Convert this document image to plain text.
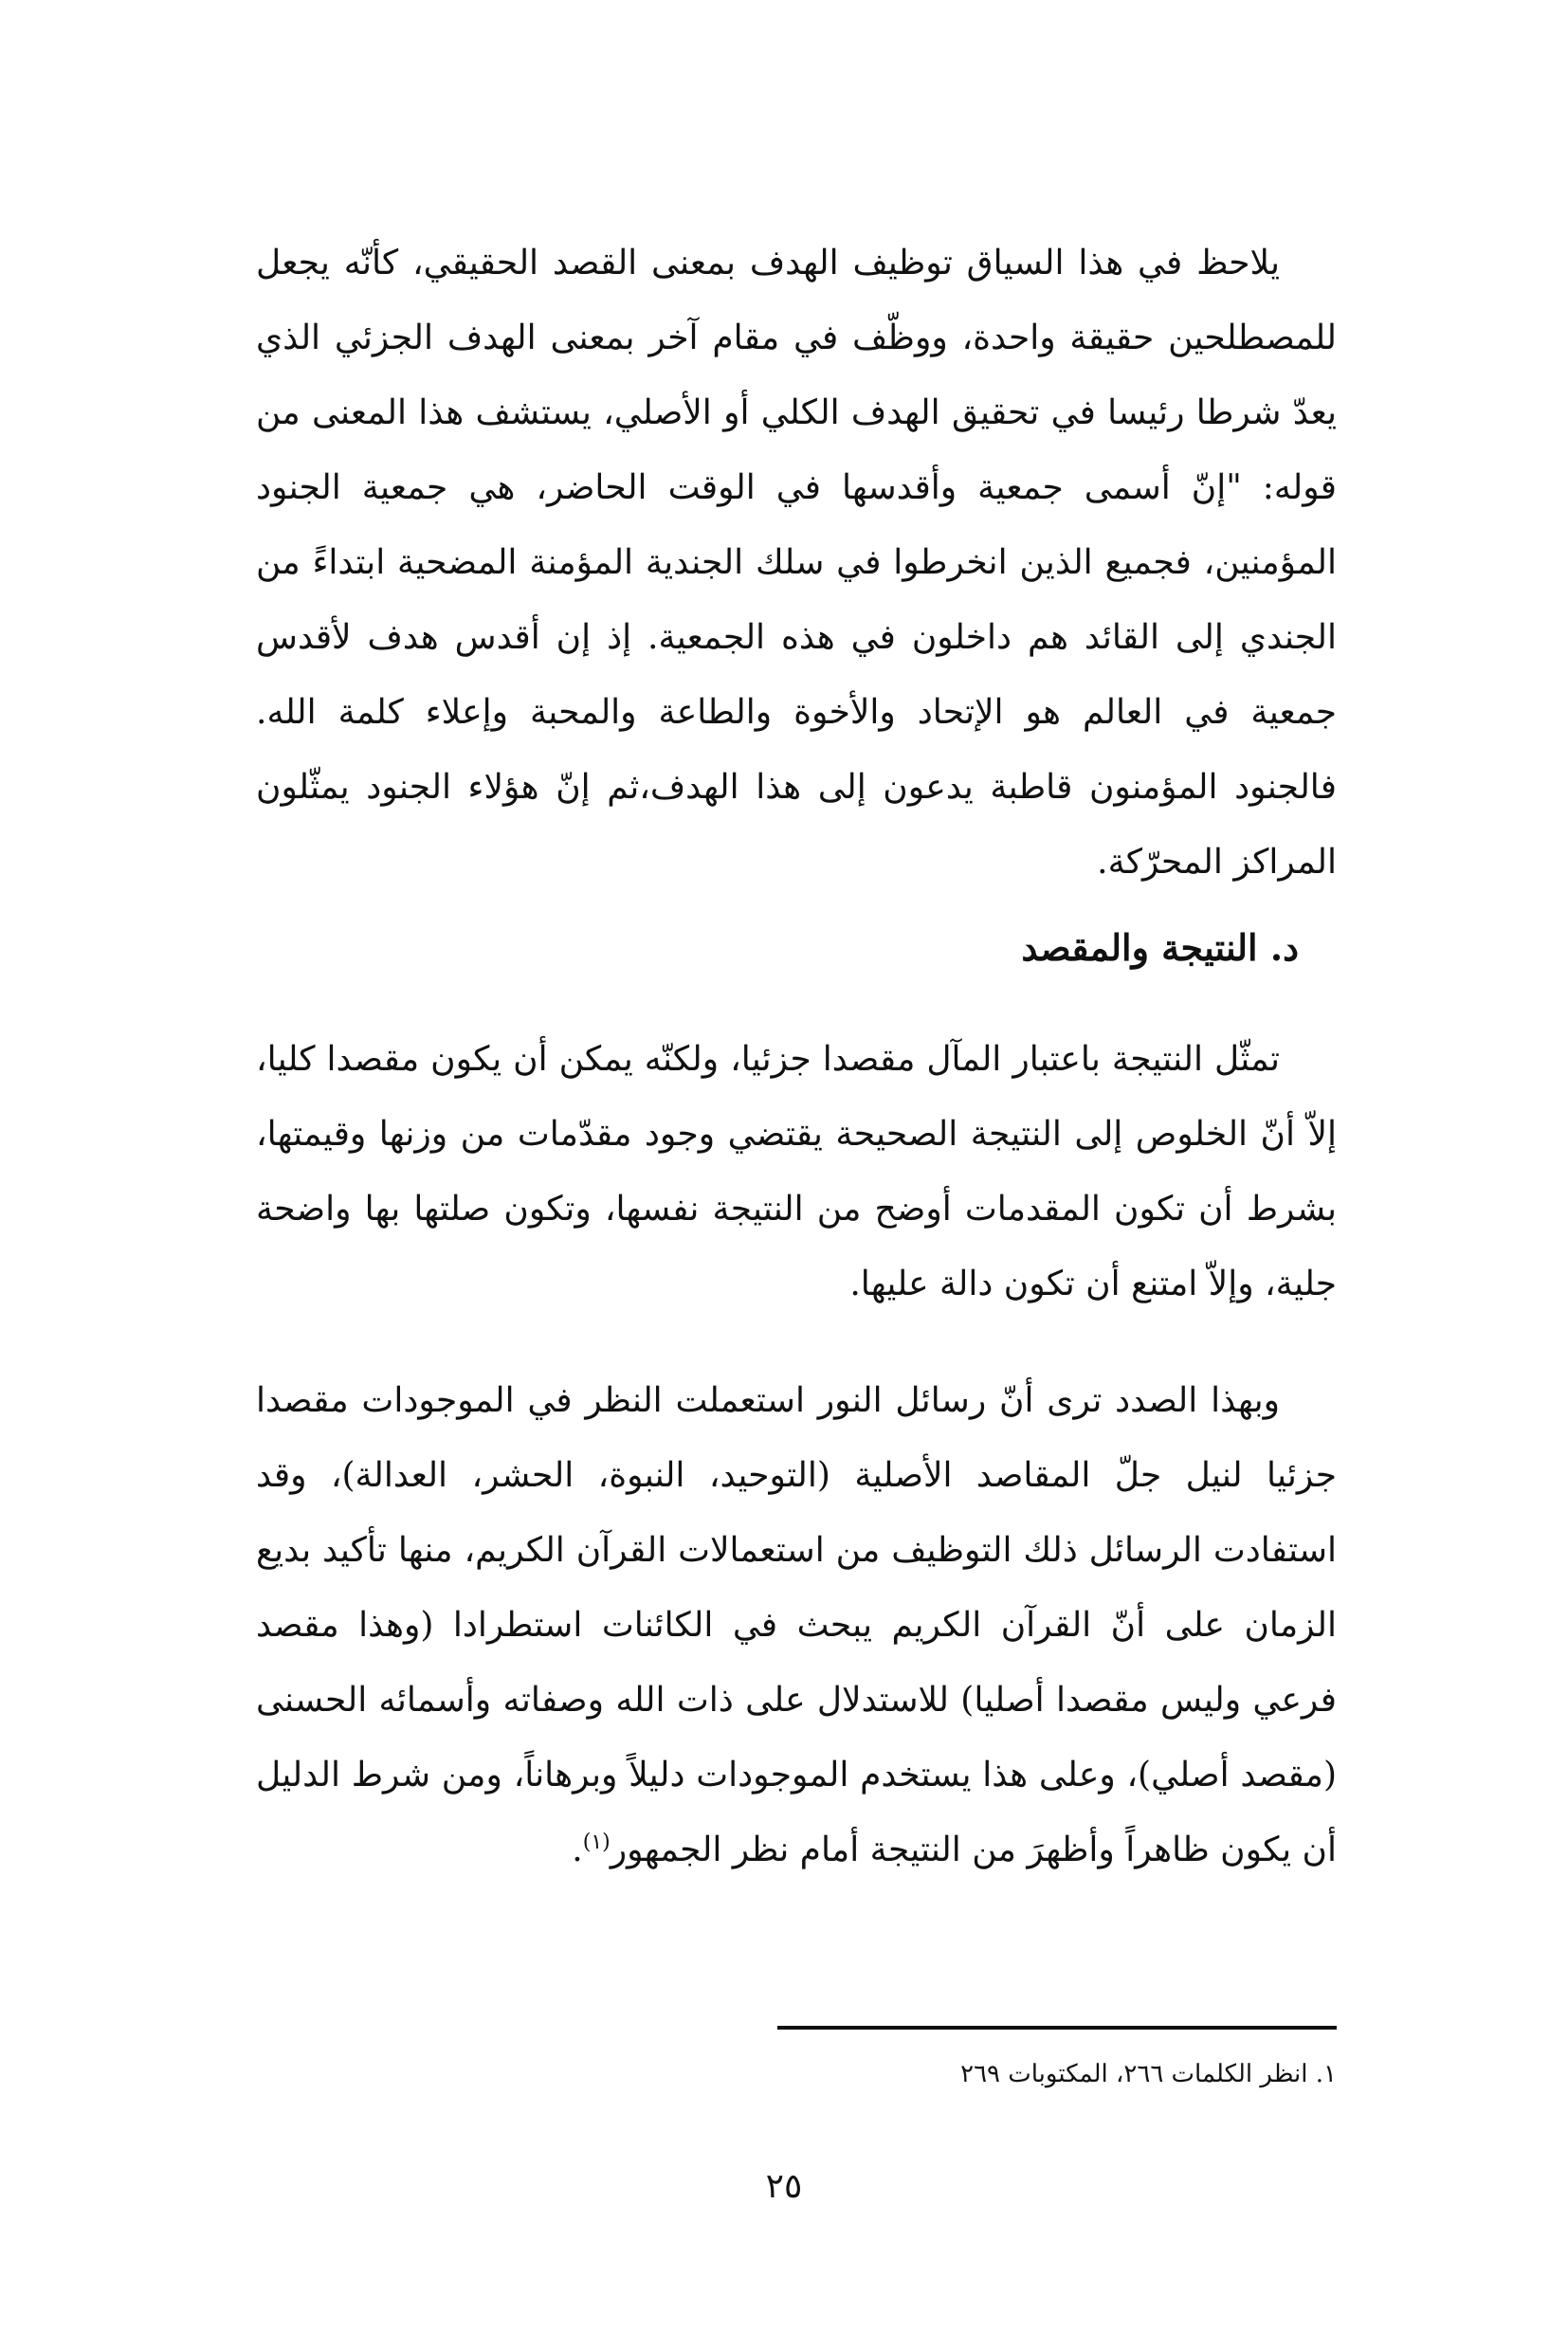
يلاحظ في هذا السياق توظيف الهدف بمعنى القصد الحقيقي، كأنّه يجعل للمصطلحين حقيقة واحدة، ووظّف في مقام آخر بمعنى الهدف الجزئي الذي يعدّ شرطا رئيسا في تحقيق الهدف الكلي أو الأصلي، يستشف هذا المعنى من قوله: "إنّ أسمى جمعية وأقدسها في الوقت الحاضر، هي جمعية الجنود المؤمنين، فجميع الذين انخرطوا في سلك الجندية المؤمنة المضحية ابتداءً من الجندي إلى القائد هم داخلون في هذه الجمعية. إذ إن أقدس هدف لأقدس جمعية في العالم هو الإتحاد والأخوة والطاعة والمحبة وإعلاء كلمة الله. فالجنود المؤمنون قاطبة يدعون إلى هذا الهدف،ثم إنّ هؤلاء الجنود يمثّلون المراكز المحرّكة.

د. النتيجة والمقصد

تمثّل النتيجة باعتبار المآل مقصدا جزئيا، ولكنّه يمكن أن يكون مقصدا كليا، إلاّ أنّ الخلوص إلى النتيجة الصحيحة يقتضي وجود مقدّمات من وزنها وقيمتها، بشرط أن تكون المقدمات أوضح من النتيجة نفسها، وتكون صلتها بها واضحة جلية، وإلاّ امتنع أن تكون دالة عليها.

وبهذا الصدد ترى أنّ رسائل النور استعملت النظر في الموجودات مقصدا جزئيا لنيل جلّ المقاصد الأصلية (التوحيد، النبوة، الحشر، العدالة)، وقد استفادت الرسائل ذلك التوظيف من استعمالات القرآن الكريم، منها تأكيد بديع الزمان على أنّ القرآن الكريم يبحث في الكائنات استطرادا (وهذا مقصد فرعي وليس مقصدا أصليا) للاستدلال على ذات الله وصفاته وأسمائه الحسنى (مقصد أصلي)، وعلى هذا يستخدم الموجودات دليلاً وبرهاناً، ومن شرط الدليل أن يكون ظاهراً وأظهرَ من النتيجة أمام نظر الجمهور$^{(١)}$.

١. انظر الكلمات ٢٦٦، المكتوبات ٢٦٩

٢٥
